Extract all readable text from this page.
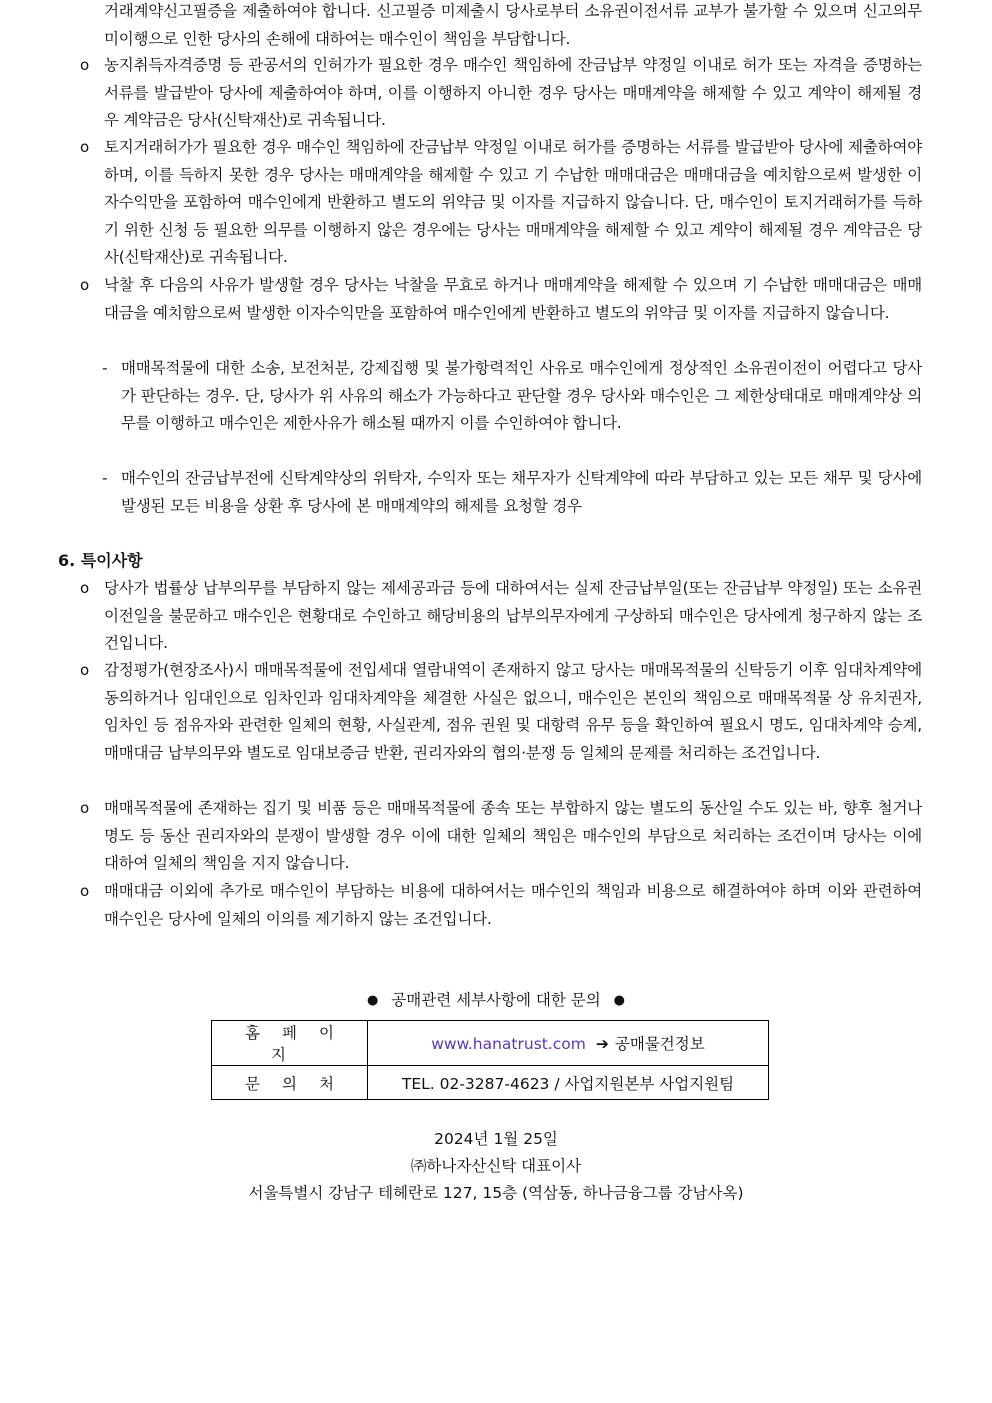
거래계약신고필증을 제출하여야 합니다. 신고필증 미제출시 당사로부터 소유권이전서류 교부가 불가할 수 있으며 신고의무 미이행으로 인한 당사의 손해에 대하여는 매수인이 책임을 부담합니다.

o 농지취득자격증명 등 관공서의 인허가가 필요한 경우 매수인 책임하에 잔금납부 약정일 이내로 허가 또는 자격을 증명하는 서류를 발급받아 당사에 제출하여야 하며, 이를 이행하지 아니한 경우 당사는 매매계약을 해제할 수 있고 계약이 해제될 경우 계약금은 당사(신탁재산)로 귀속됩니다.

o 토지거래허가가 필요한 경우 매수인 책임하에 잔금납부 약정일 이내로 허가를 증명하는 서류를 발급받아 당사에 제출하여야 하며, 이를 득하지 못한 경우 당사는 매매계약을 해제할 수 있고 기 수납한 매매대금은 매매대금을 예치함으로써 발생한 이자수익만을 포함하여 매수인에게 반환하고 별도의 위약금 및 이자를 지급하지 않습니다. 단, 매수인이 토지거래허가를 득하기 위한 신청 등 필요한 의무를 이행하지 않은 경우에는 당사는 매매계약을 해제할 수 있고 계약이 해제될 경우 계약금은 당사(신탁재산)로 귀속됩니다.

o 낙찰 후 다음의 사유가 발생할 경우 당사는 낙찰을 무효로 하거나 매매계약을 해제할 수 있으며 기 수납한 매매대금은 매매대금을 예치함으로써 발생한 이자수익만을 포함하여 매수인에게 반환하고 별도의 위약금 및 이자를 지급하지 않습니다.

- 매매목적물에 대한 소송, 보전처분, 강제집행 및 불가항력적인 사유로 매수인에게 정상적인 소유권이전이 어렵다고 당사가 판단하는 경우. 단, 당사가 위 사유의 해소가 가능하다고 판단할 경우 당사와 매수인은 그 제한상태대로 매매계약상 의무를 이행하고 매수인은 제한사유가 해소될 때까지 이를 수인하여야 합니다.

- 매수인의 잔금납부전에 신탁계약상의 위탁자, 수익자 또는 채무자가 신탁계약에 따라 부담하고 있는 모든 채무 및 당사에 발생된 모든 비용을 상환 후 당사에 본 매매계약의 해제를 요청할 경우

6. 특이사항
o 당사가 법률상 납부의무를 부담하지 않는 제세공과금 등에 대하여서는 실제 잔금납부일(또는 잔금납부 약정일) 또는 소유권이전일을 불문하고 매수인은 현황대로 수인하고 해당비용의 납부의무자에게 구상하되 매수인은 당사에게 청구하지 않는 조건입니다.

o 감정평가(현장조사)시 매매목적물에 전입세대 열람내역이 존재하지 않고 당사는 매매목적물의 신탁등기 이후 임대차계약에 동의하거나 임대인으로 임차인과 임대차계약을 체결한 사실은 없으니, 매수인은 본인의 책임으로 매매목적물 상 유치권자, 임차인 등 점유자와 관련한 일체의 현황, 사실관계, 점유 권원 및 대항력 유무 등을 확인하여 필요시 명도, 임대차계약 승계, 매매대금 납부의무와 별도로 임대보증금 반환, 권리자와의 협의·분쟁 등 일체의 문제를 처리하는 조건입니다.

o 매매목적물에 존재하는 집기 및 비품 등은 매매목적물에 종속 또는 부합하지 않는 별도의 동산일 수도 있는 바, 향후 철거나 명도 등 동산 권리자와의 분쟁이 발생할 경우 이에 대한 일체의 책임은 매수인의 부담으로 처리하는 조건이며 당사는 이에 대하여 일체의 책임을 지지 않습니다.

o 매매대금 이외에 추가로 매수인이 부담하는 비용에 대하여서는 매수인의 책임과 비용으로 해결하여야 하며 이와 관련하여 매수인은 당사에 일체의 이의를 제기하지 않는 조건입니다.

● 공매관련 세부사항에 대한 문의 ●
홈페이지	www.hanatrust.com ➔ 공매물건정보
문의처	TEL. 02-3287-4623 / 사업지원본부 사업지원팀
2024년 1월 25일
㈜하나자산신탁 대표이사
서울특별시 강남구 테헤란로 127, 15층 (역삼동, 하나금융그룹 강남사옥)
